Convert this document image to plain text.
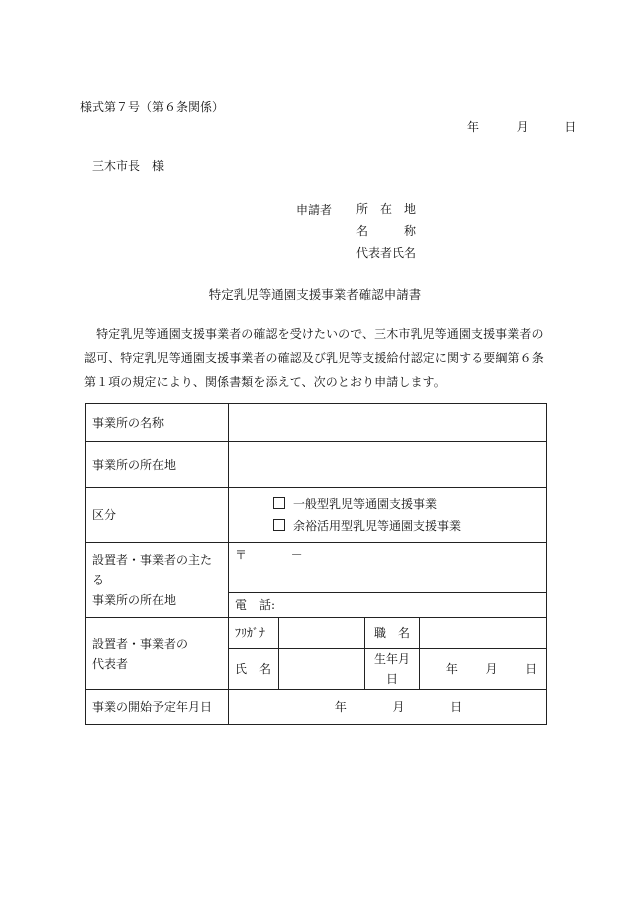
様式第７号（第６条関係）
年	月	日
三木市長　様
申請者 所　在　地
名　　　称
代表者氏名
特定乳児等通園支援事業者確認申請書

　特定乳児等通園支援事業者の確認を受けたいので、三木市乳児等通園支援事業者の

認可、特定乳児等通園支援事業者の確認及び乳児等支援給付認定に関する要綱第６条

第１項の規定により、関係書類を添えて、次のとおり申請します。

事業所の名称				
事業所の所在地				
区分	一般型乳児等通園支援事業
余裕活用型乳児等通園支援事業			

設置者・事業者の主たる
事業所の所在地	〒 －			
	電　話:			

設置者・事業者の
代表者	ﾌﾘｶﾞﾅ		職　名	
	氏　名		生年月日	年 月 日
事業の開始予定年月日	年 月 日			
